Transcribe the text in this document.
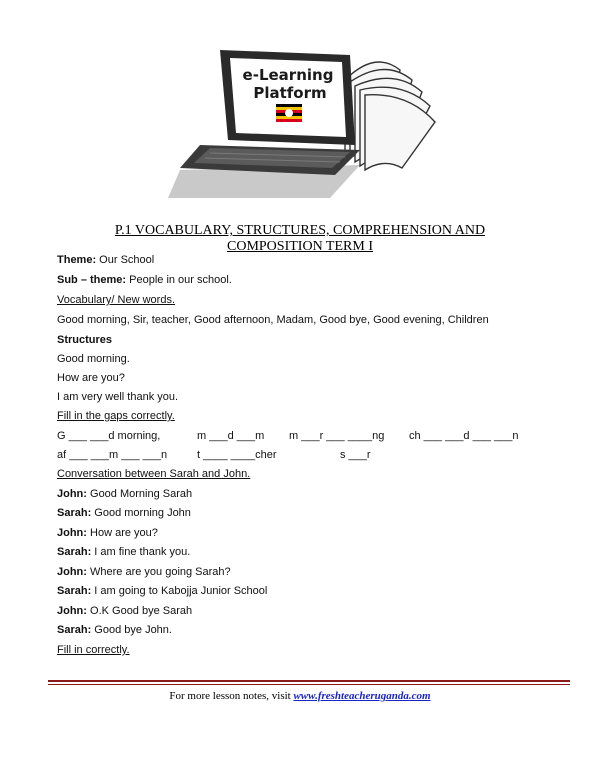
e-Learning
Platform
P.1 VOCABULARY, STRUCTURES, COMPREHENSION AND
COMPOSITION TERM I
Theme: Our School
Sub – theme: People in our school.
Vocabulary/ New words.
Good morning, Sir, teacher, Good afternoon, Madam, Good bye, Good evening, Children
Structures
Good morning.
How are you?
I am very well thank you.
Fill in the gaps correctly.
G ___ ___d morning,	m ___d ___m m ___r ___ ____ng ch ___ ___d ___ ___n
af ___ ___m ___ ___n	t ____ ____cher	s ___r
Conversation between Sarah and John.
John: Good Morning Sarah
Sarah: Good morning John
John: How are you?
Sarah: I am fine thank you.
John: Where are you going Sarah?
Sarah: I am going to Kabojja Junior School
John: O.K Good bye Sarah
Sarah: Good bye John.
Fill in correctly.
For more lesson notes, visit www.freshteacheruganda.com
